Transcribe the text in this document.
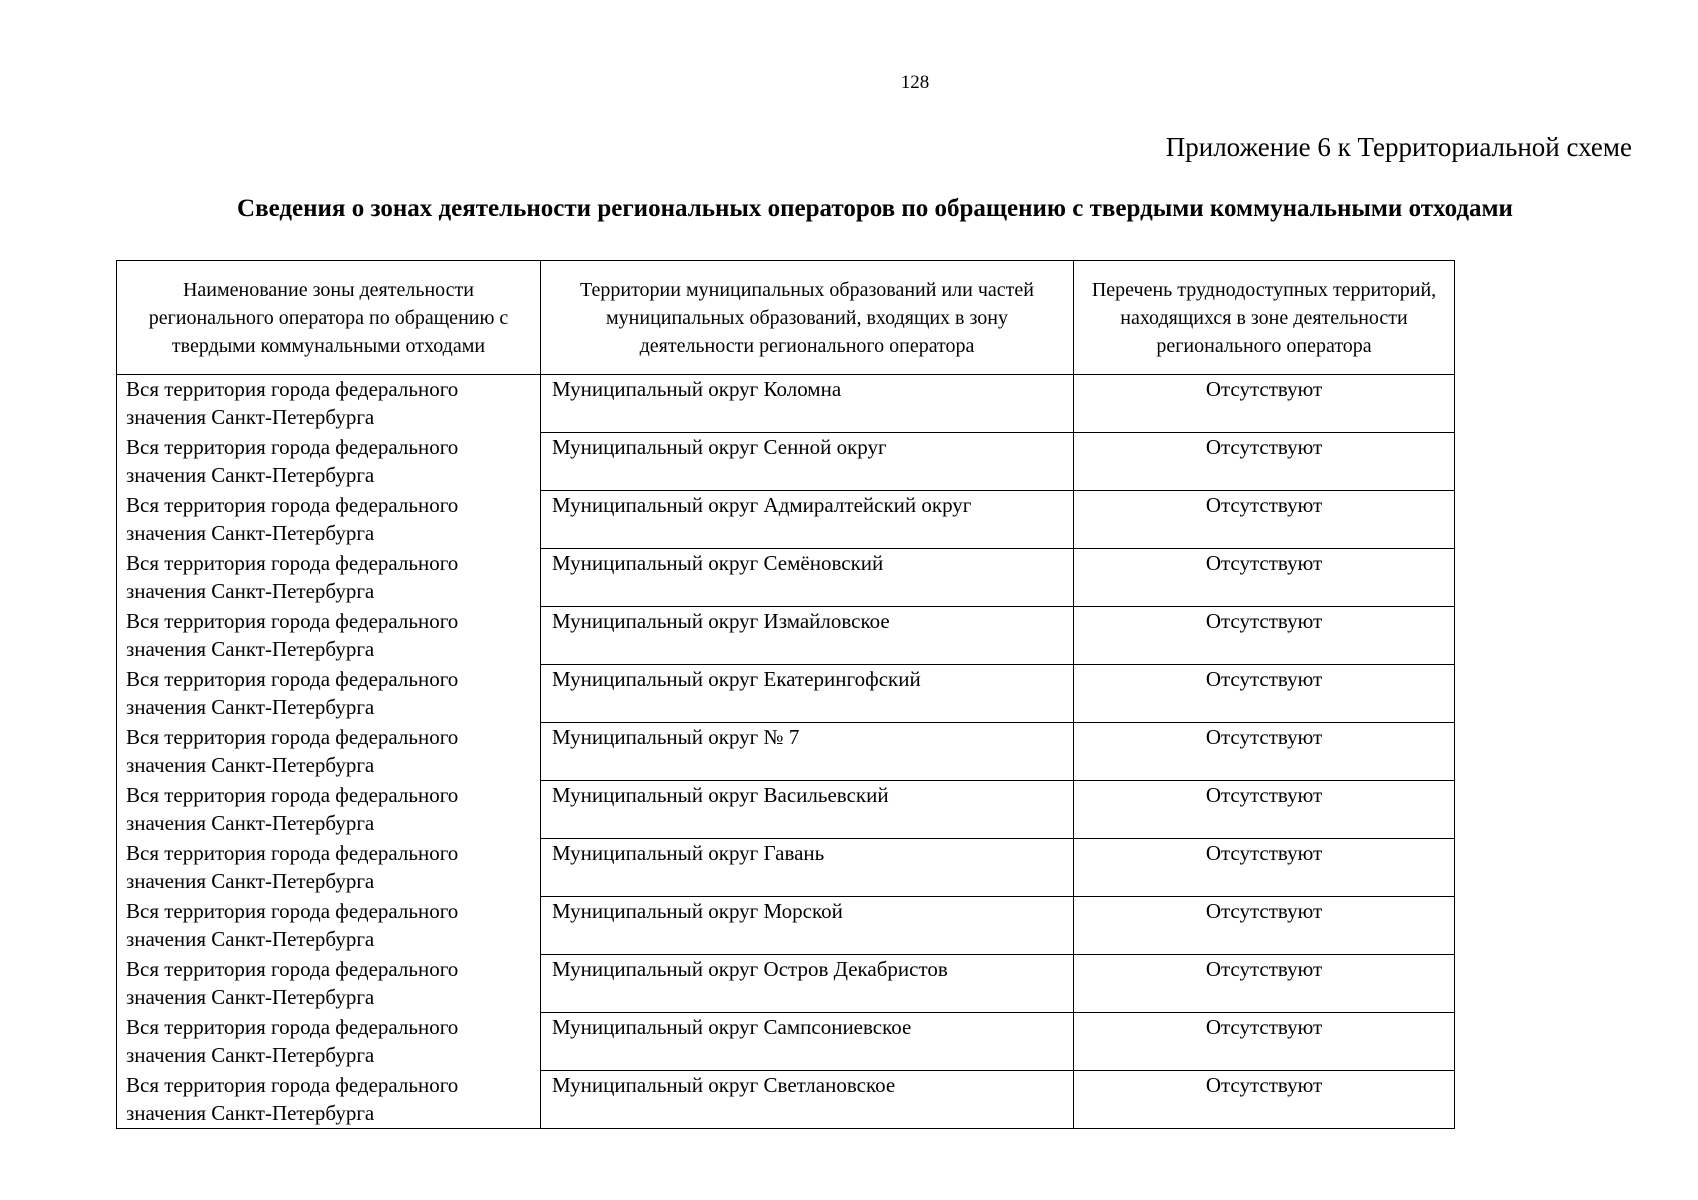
128
Приложение 6 к Территориальной схеме
Сведения о зонах деятельности региональных операторов по обращению с твердыми коммунальными отходами
Наименование зоны деятельности регионального оператора по обращению с твердыми коммунальными отходами	Территории муниципальных образований или частей муниципальных образований, входящих в зону деятельности регионального оператора	Перечень труднодоступных территорий, находящихся в зоне деятельности регионального оператора
Вся территория города федерального значения Санкт-Петербурга	Муниципальный округ Коломна	Отсутствуют
Вся территория города федерального значения Санкт-Петербурга	Муниципальный округ Сенной округ	Отсутствуют
Вся территория города федерального значения Санкт-Петербурга	Муниципальный округ Адмиралтейский округ	Отсутствуют
Вся территория города федерального значения Санкт-Петербурга	Муниципальный округ Семёновский	Отсутствуют
Вся территория города федерального значения Санкт-Петербурга	Муниципальный округ Измайловское	Отсутствуют
Вся территория города федерального значения Санкт-Петербурга	Муниципальный округ Екатерингофский	Отсутствуют
Вся территория города федерального значения Санкт-Петербурга	Муниципальный округ № 7	Отсутствуют
Вся территория города федерального значения Санкт-Петербурга	Муниципальный округ Васильевский	Отсутствуют
Вся территория города федерального значения Санкт-Петербурга	Муниципальный округ Гавань	Отсутствуют
Вся территория города федерального значения Санкт-Петербурга	Муниципальный округ Морской	Отсутствуют
Вся территория города федерального значения Санкт-Петербурга	Муниципальный округ Остров Декабристов	Отсутствуют
Вся территория города федерального значения Санкт-Петербурга	Муниципальный округ Сампсониевское	Отсутствуют
Вся территория города федерального значения Санкт-Петербурга	Муниципальный округ Светлановское	Отсутствуют
